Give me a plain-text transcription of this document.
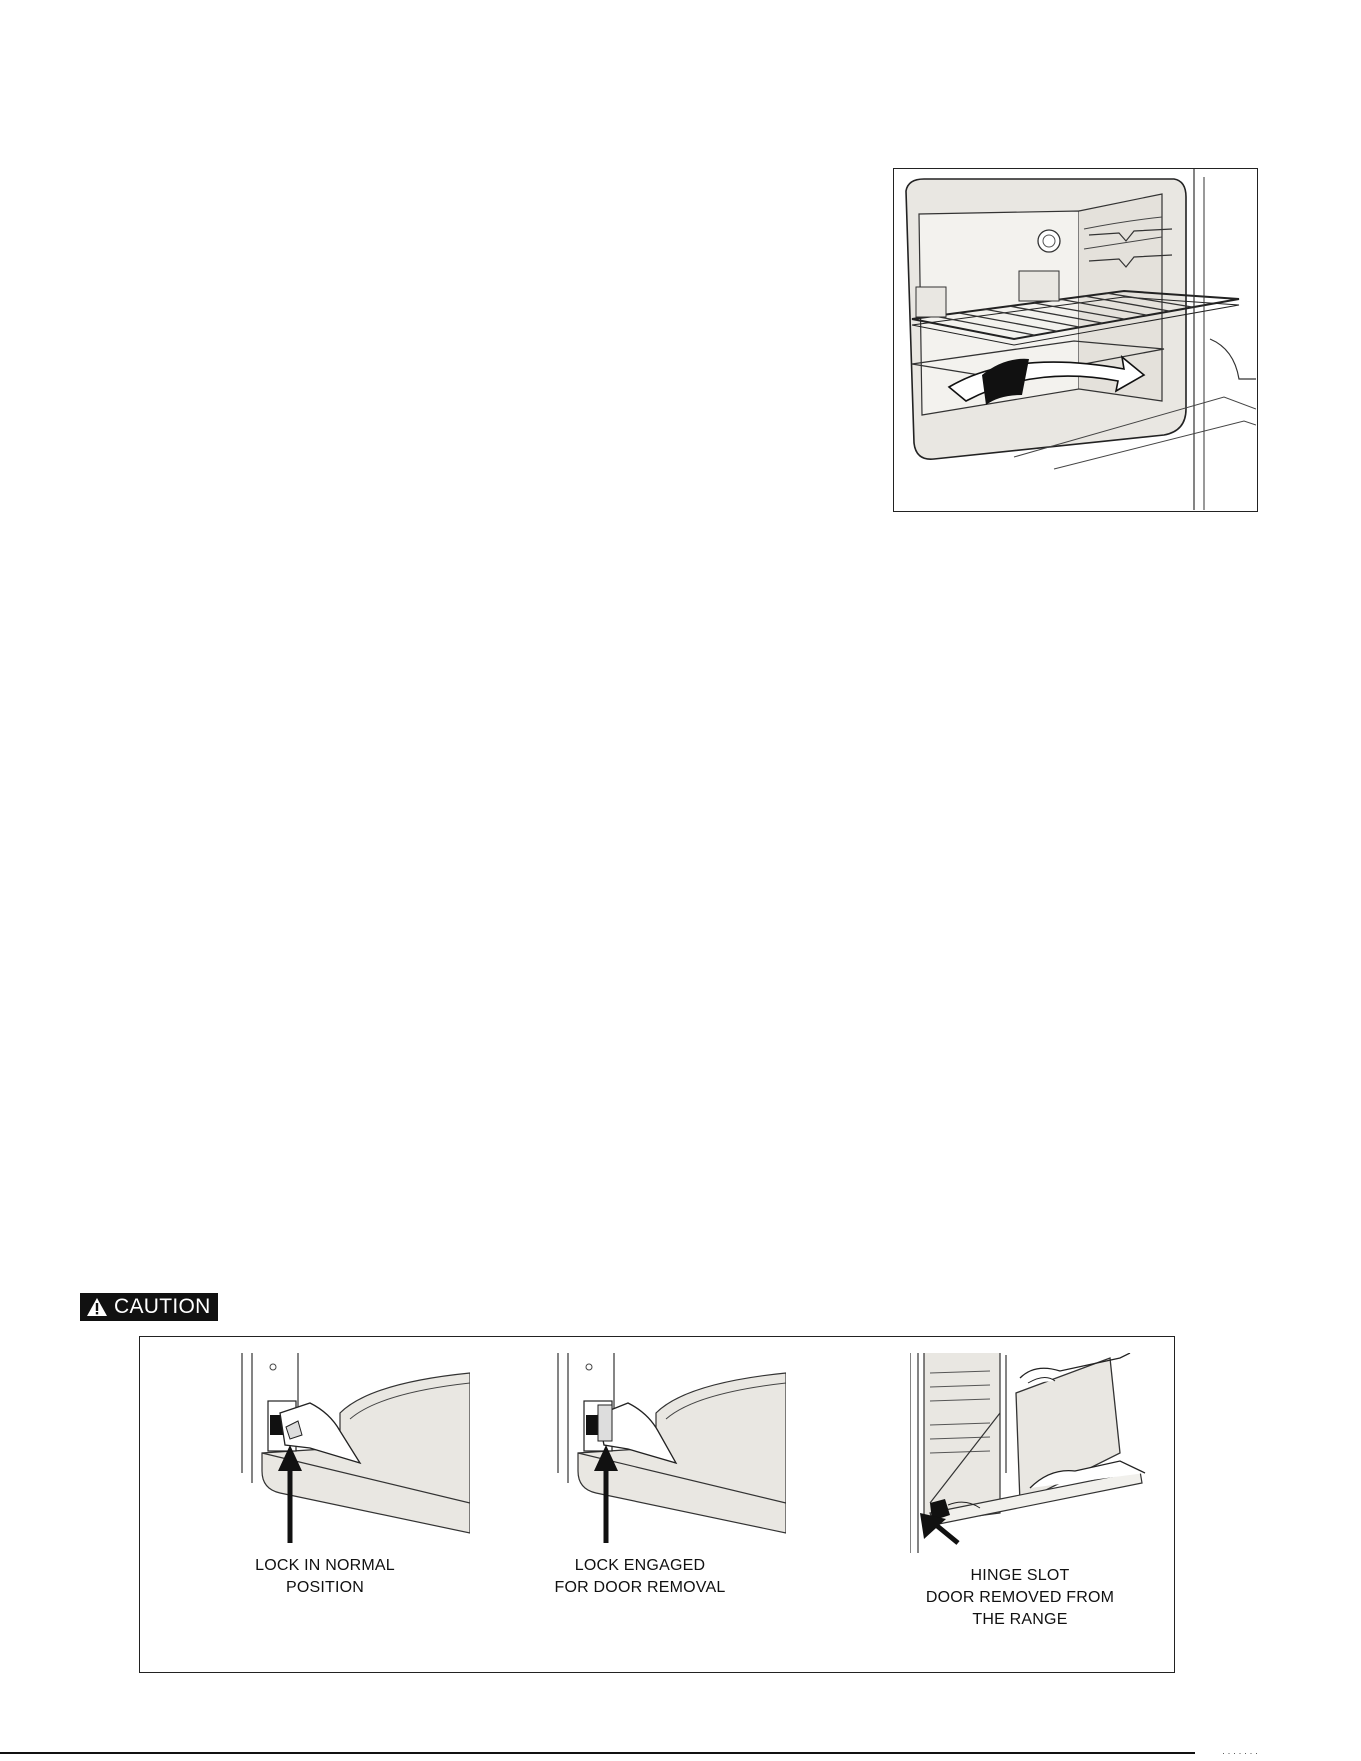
CAUTION
LOCK IN NORMAL
POSITION
LOCK ENGAGED
FOR DOOR REMOVAL
HINGE SLOT
DOOR REMOVED FROM
THE RANGE
· · · · · · ·
